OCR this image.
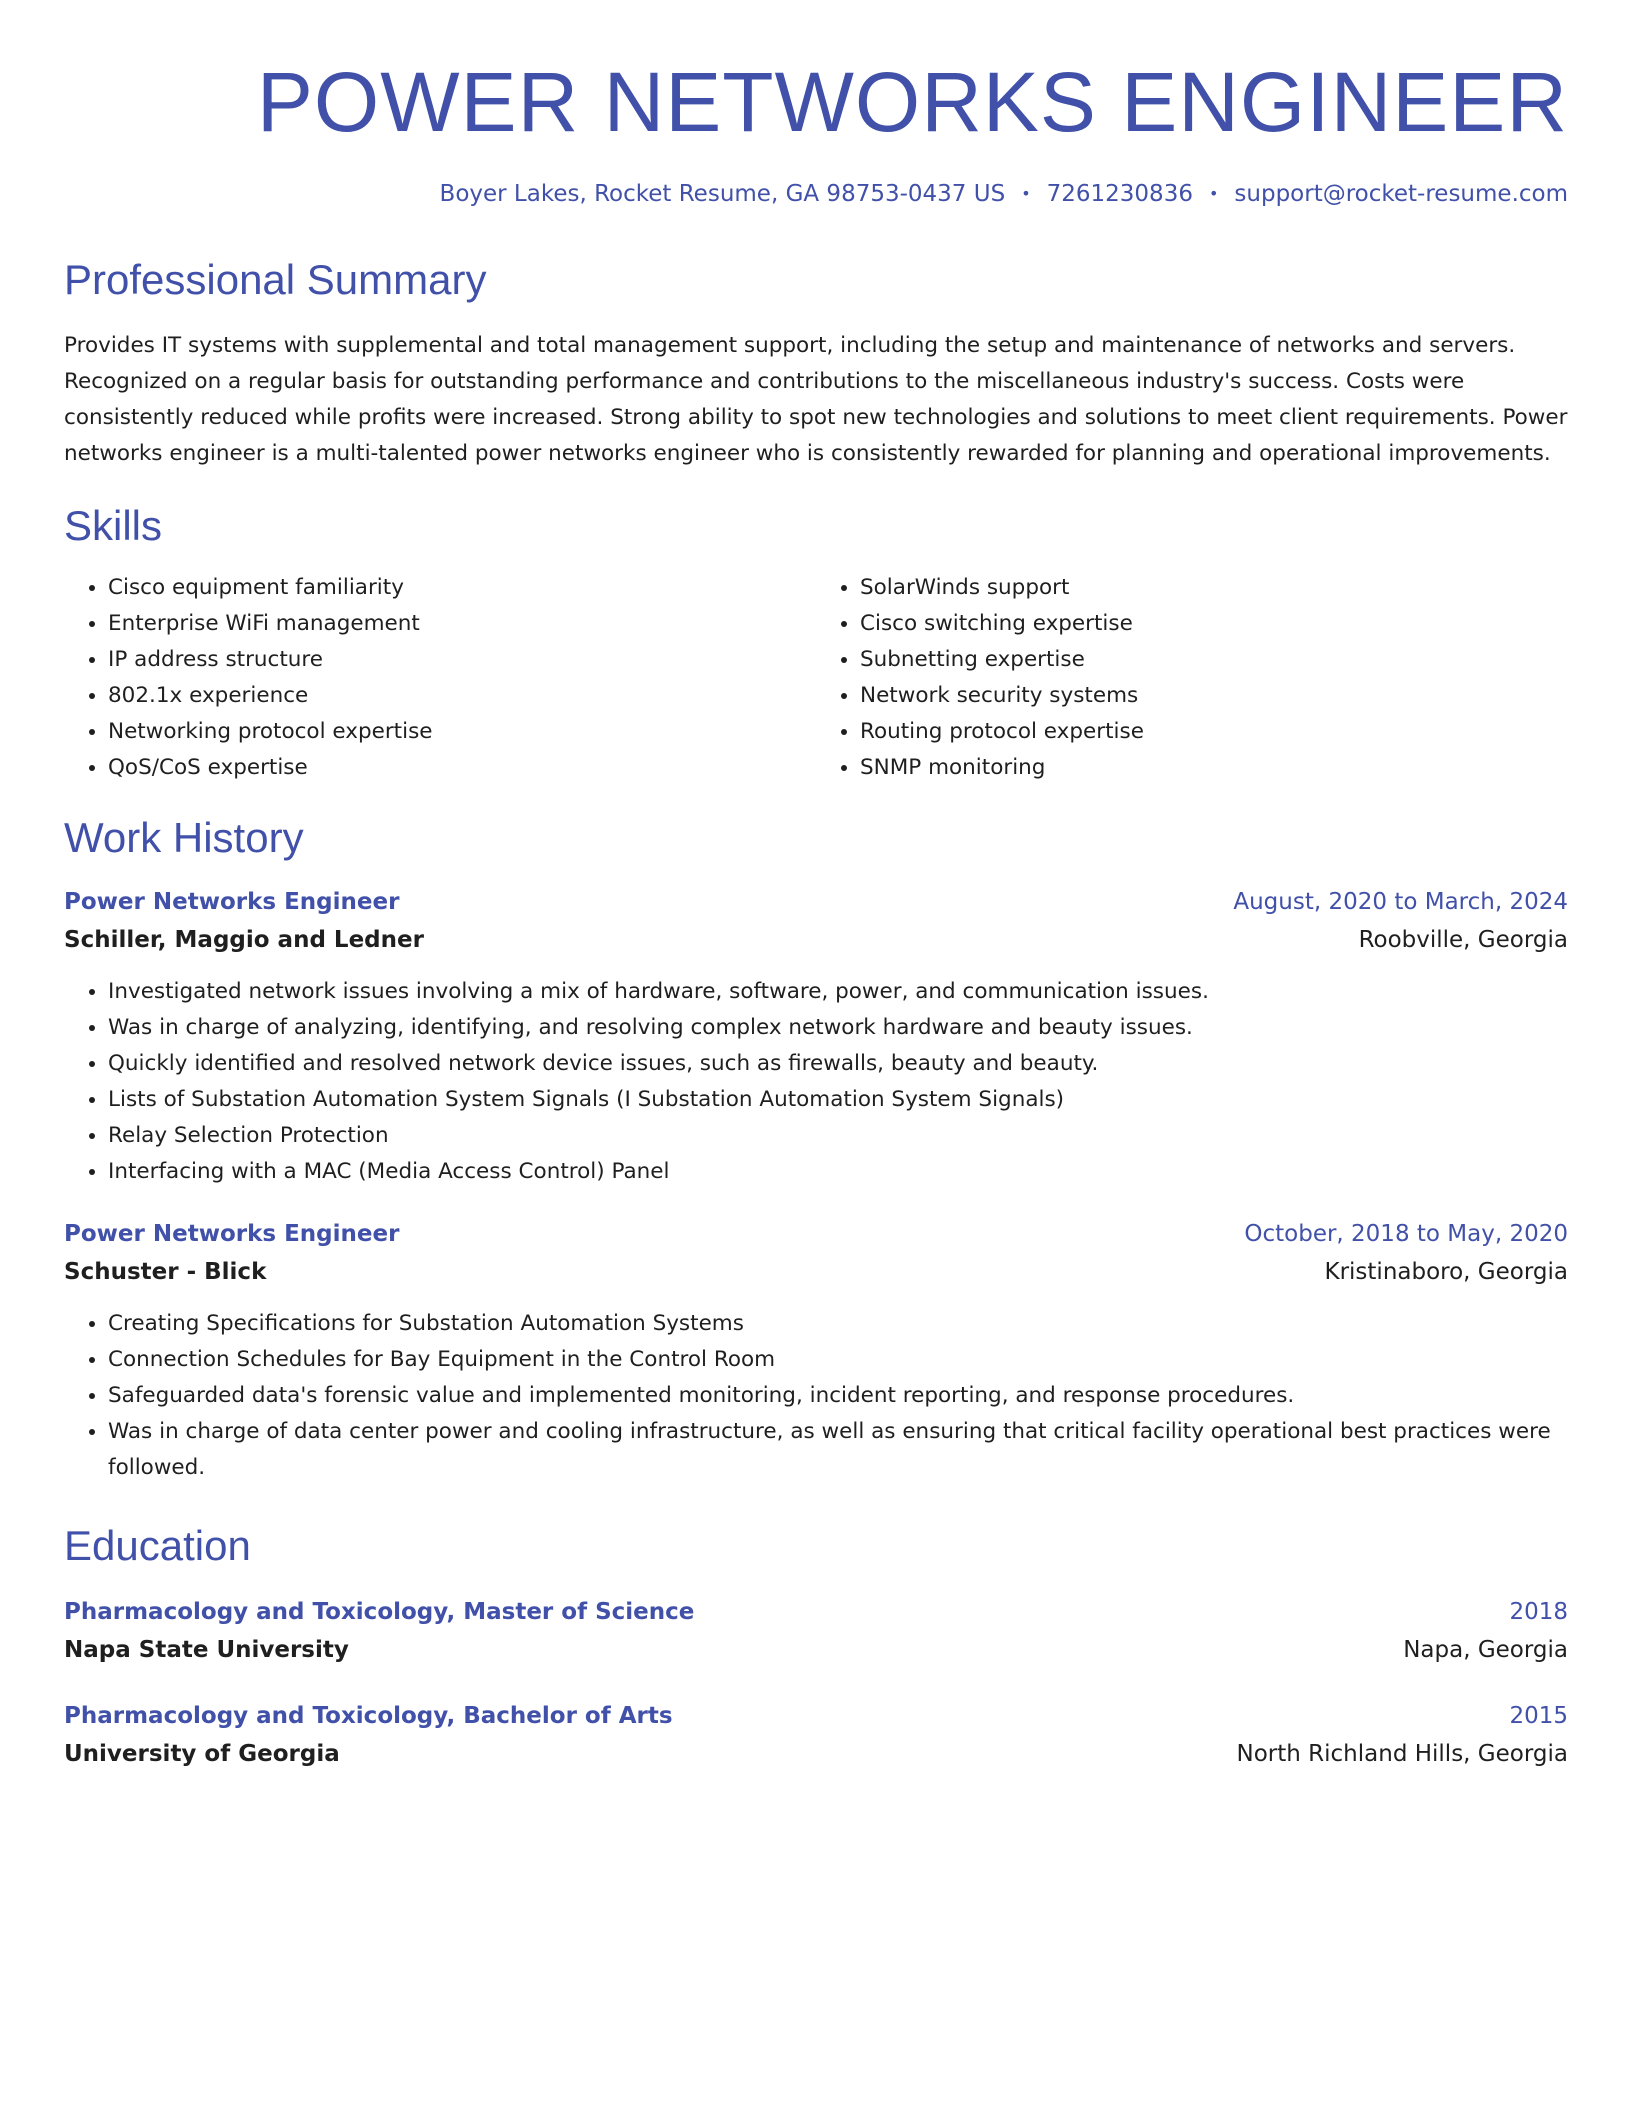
POWER NETWORKS ENGINEER
Boyer Lakes, Rocket Resume, GA 98753-0437 US • 7261230836 • support@rocket-resume.com
Professional Summary
Provides IT systems with supplemental and total management support, including the setup and maintenance of networks and servers. Recognized on a regular basis for outstanding performance and contributions to the miscellaneous industry's success. Costs were consistently reduced while profits were increased. Strong ability to spot new technologies and solutions to meet client requirements. Power networks engineer is a multi-talented power networks engineer who is consistently rewarded for planning and operational improvements.
Skills
• Cisco equipment familiarity
• Enterprise WiFi management
• IP address structure
• 802.1x experience
• Networking protocol expertise
• QoS/CoS expertise
• SolarWinds support
• Cisco switching expertise
• Subnetting expertise
• Network security systems
• Routing protocol expertise
• SNMP monitoring
Work History
Power Networks Engineer	August, 2020 to March, 2024
Schiller, Maggio and Ledner	Roobville, Georgia
• Investigated network issues involving a mix of hardware, software, power, and communication issues.
• Was in charge of analyzing, identifying, and resolving complex network hardware and beauty issues.
• Quickly identified and resolved network device issues, such as firewalls, beauty and beauty.
• Lists of Substation Automation System Signals (I Substation Automation System Signals)
• Relay Selection Protection
• Interfacing with a MAC (Media Access Control) Panel
Power Networks Engineer	October, 2018 to May, 2020
Schuster - Blick	Kristinaboro, Georgia
• Creating Specifications for Substation Automation Systems
• Connection Schedules for Bay Equipment in the Control Room
• Safeguarded data's forensic value and implemented monitoring, incident reporting, and response procedures.
• Was in charge of data center power and cooling infrastructure, as well as ensuring that critical facility operational best practices were followed.
Education
Pharmacology and Toxicology, Master of Science	2018
Napa State University	Napa, Georgia
Pharmacology and Toxicology, Bachelor of Arts	2015
University of Georgia	North Richland Hills, Georgia
